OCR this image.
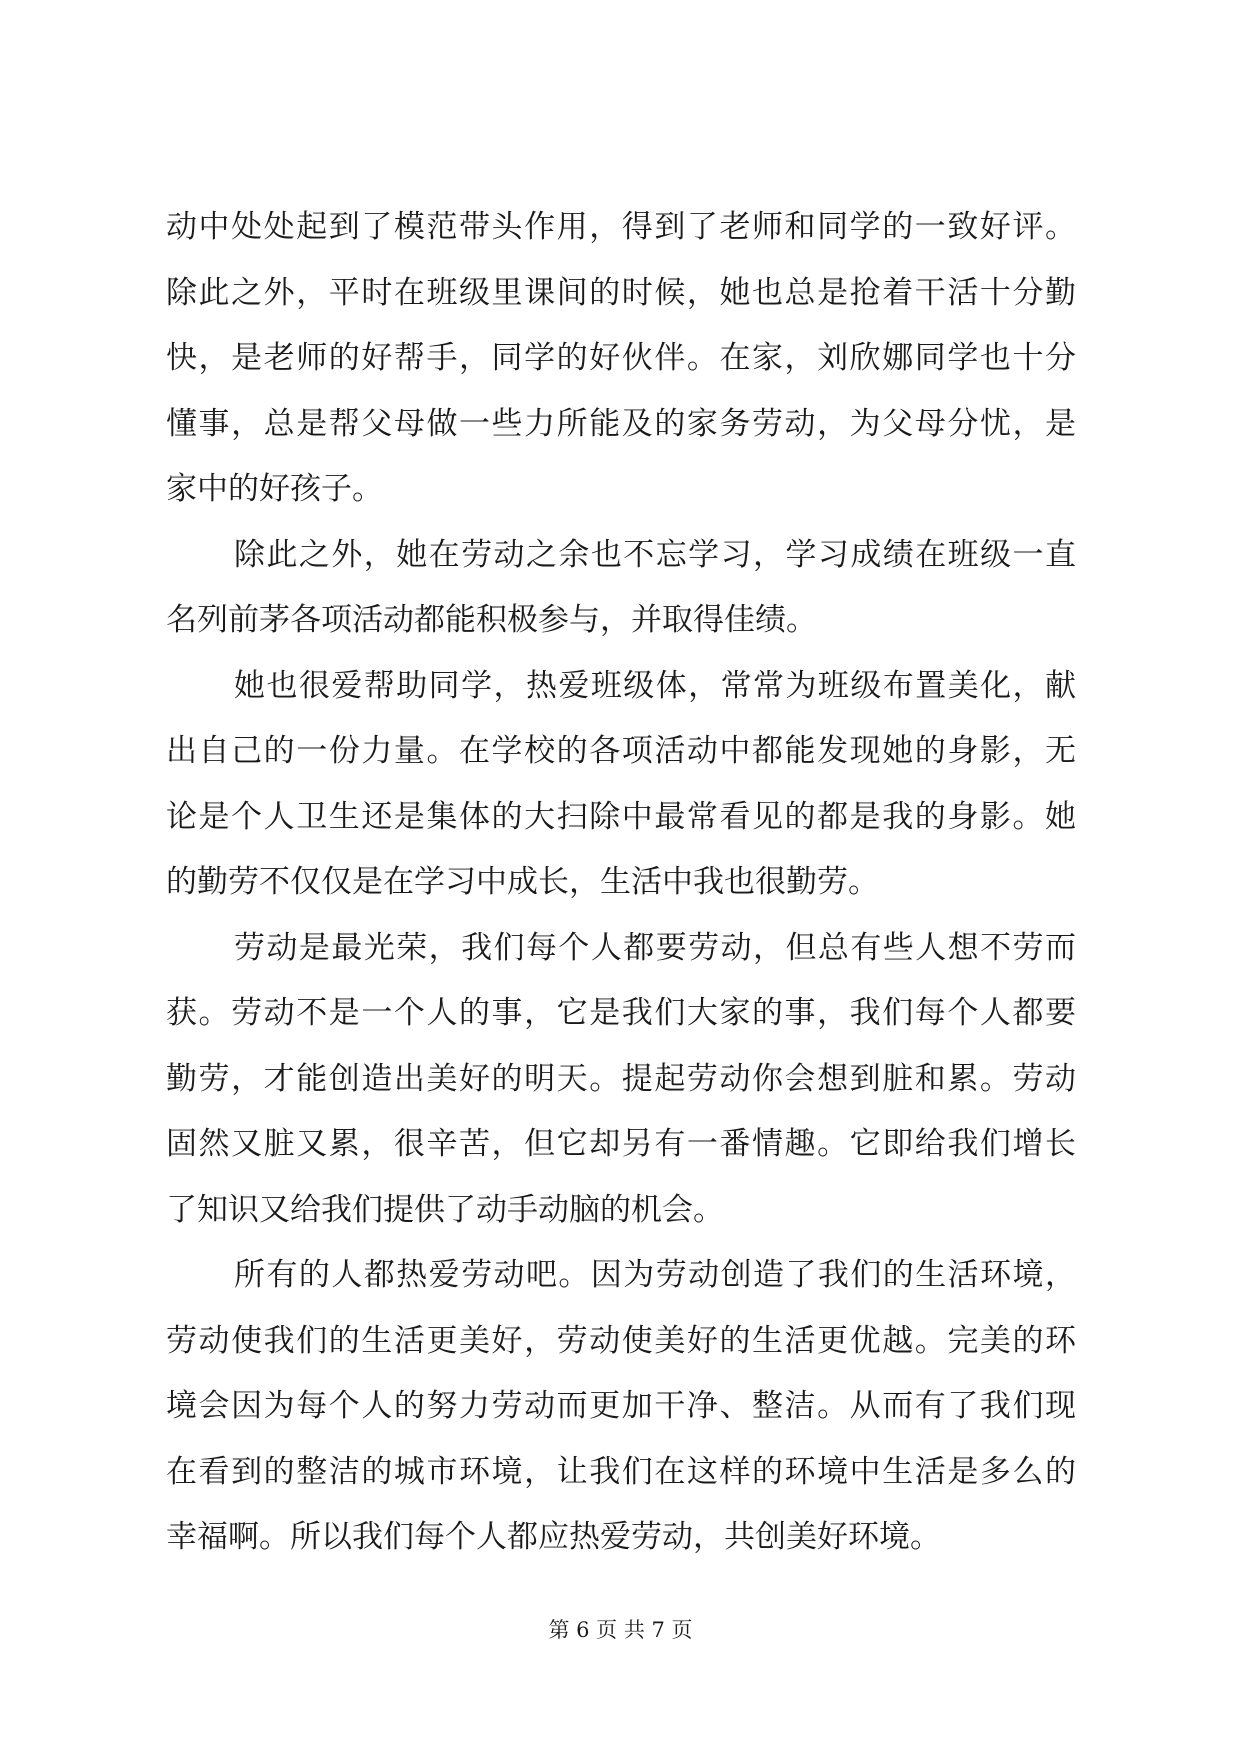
动中处处起到了模范带头作用，得到了老师和同学的一致好评。
除此之外，平时在班级里课间的时候，她也总是抢着干活十分勤
快，是老师的好帮手，同学的好伙伴。在家，刘欣娜同学也十分
懂事，总是帮父母做一些力所能及的家务劳动，为父母分忧，是
家中的好孩子。
除此之外，她在劳动之余也不忘学习，学习成绩在班级一直
名列前茅各项活动都能积极参与，并取得佳绩。
她也很爱帮助同学，热爱班级体，常常为班级布置美化，献
出自己的一份力量。在学校的各项活动中都能发现她的身影，无
论是个人卫生还是集体的大扫除中最常看见的都是我的身影。她
的勤劳不仅仅是在学习中成长，生活中我也很勤劳。
劳动是最光荣，我们每个人都要劳动，但总有些人想不劳而
获。劳动不是一个人的事，它是我们大家的事，我们每个人都要
勤劳，才能创造出美好的明天。提起劳动你会想到脏和累。劳动
固然又脏又累，很辛苦，但它却另有一番情趣。它即给我们增长
了知识又给我们提供了动手动脑的机会。
所有的人都热爱劳动吧。因为劳动创造了我们的生活环境，
劳动使我们的生活更美好，劳动使美好的生活更优越。完美的环
境会因为每个人的努力劳动而更加干净、整洁。从而有了我们现
在看到的整洁的城市环境，让我们在这样的环境中生活是多么的
幸福啊。所以我们每个人都应热爱劳动，共创美好环境。
第 6 页 共 7 页
